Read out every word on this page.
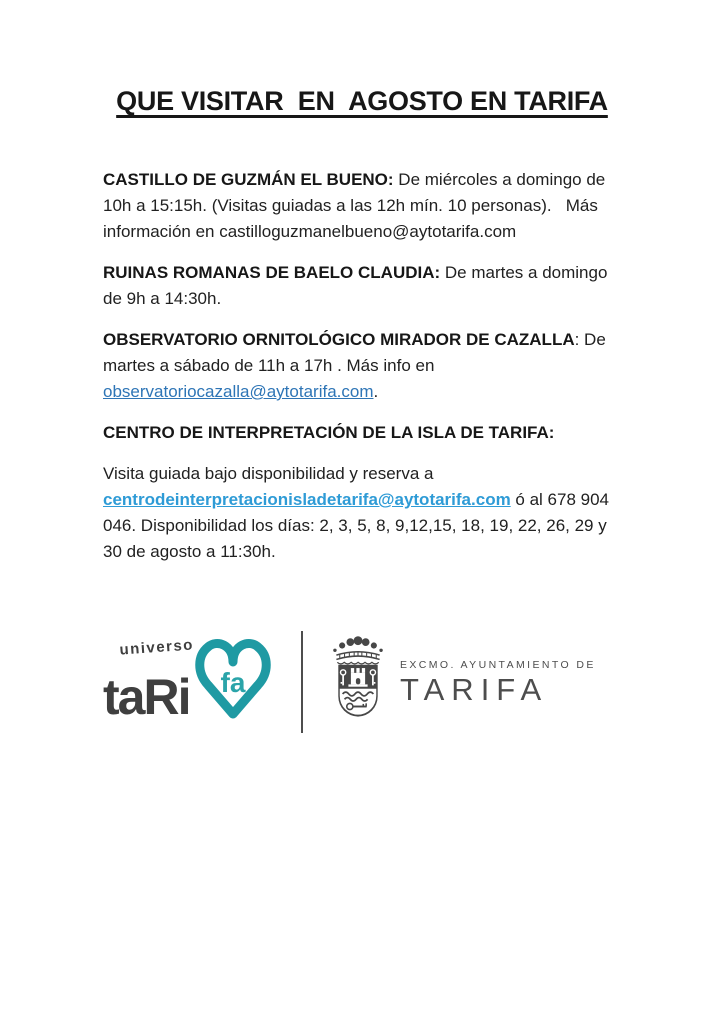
QUE VISITAR  EN  AGOSTO EN TARIFA

CASTILLO DE GUZMÁN EL BUENO: De miércoles a domingo de 10h a 15:15h. (Visitas guiadas a las 12h mín. 10 personas).   Más información en castilloguzmanelbueno@aytotarifa.com

RUINAS ROMANAS DE BAELO CLAUDIA: De martes a domingo de 9h a 14:30h.

OBSERVATORIO ORNITOLÓGICO MIRADOR DE CAZALLA: De martes a sábado de 11h a 17h . Más info en observatoriocazalla@aytotarifa.com.

CENTRO DE INTERPRETACIÓN DE LA ISLA DE TARIFA:

Visita guiada bajo disponibilidad y reserva a centrodeinterpretacionisladetarifa@aytotarifa.com ó al 678 904 046. Disponibilidad los días: 2, 3, 5, 8, 9,12,15, 18, 19, 22, 26, 29 y 30 de agosto a 11:30h.

universo
taRi fa
EXCMO. AYUNTAMIENTO DE
TARIFA
